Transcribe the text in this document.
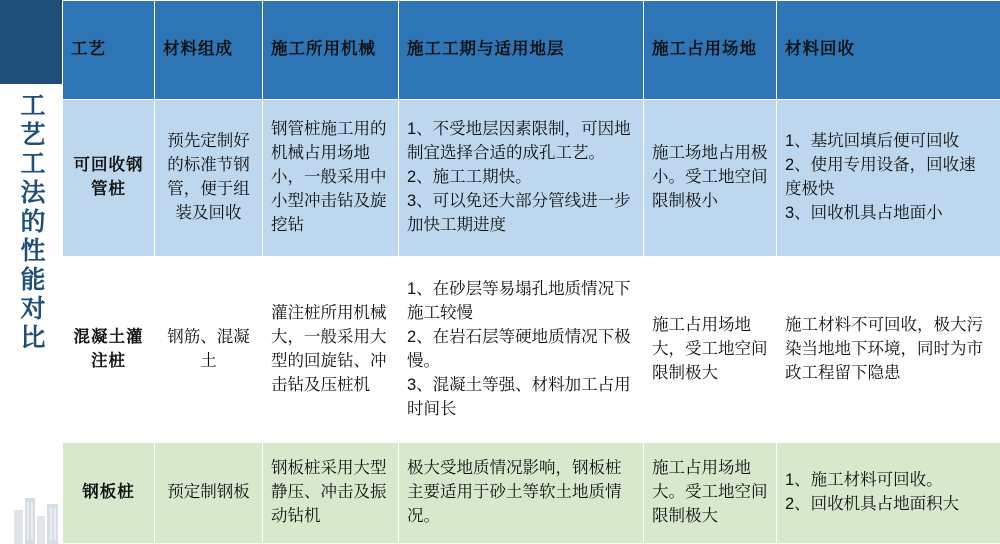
工艺工法的性能对比
工艺	材料组成	施工所用机械	施工工期与适用地层	施工占用场地	材料回收
可回收钢管桩	预先定制好的标准节钢管，便于组装及回收	钢管桩施工用的机械占用场地小，一般采用中小型冲击钻及旋挖钻	1、不受地层因素限制，可因地制宜选择合适的成孔工艺。
2、施工工期快。
3、可以免还大部分管线进一步加快工期进度	施工场地占用极小。受工地空间限制极小	1、基坑回填后便可回收
2、使用专用设备，回收速度极快
3、回收机具占地面小
混凝土灌注桩	钢筋、混凝土	灌注桩所用机械大，一般采用大型的回旋钻、冲击钻及压桩机	1、在砂层等易塌孔地质情况下施工较慢
2、在岩石层等硬地质情况下极慢。
3、混凝土等强、材料加工占用时间长	施工占用场地大，受工地空间限制极大	施工材料不可回收，极大污染当地地下环境，同时为市政工程留下隐患
钢板桩	预定制钢板	钢板桩采用大型静压、冲击及振动钻机	极大受地质情况影响，钢板桩主要适用于砂土等软土地质情况。	施工占用场地大。受工地空间限制极大	1、施工材料可回收。
2、回收机具占地面积大
